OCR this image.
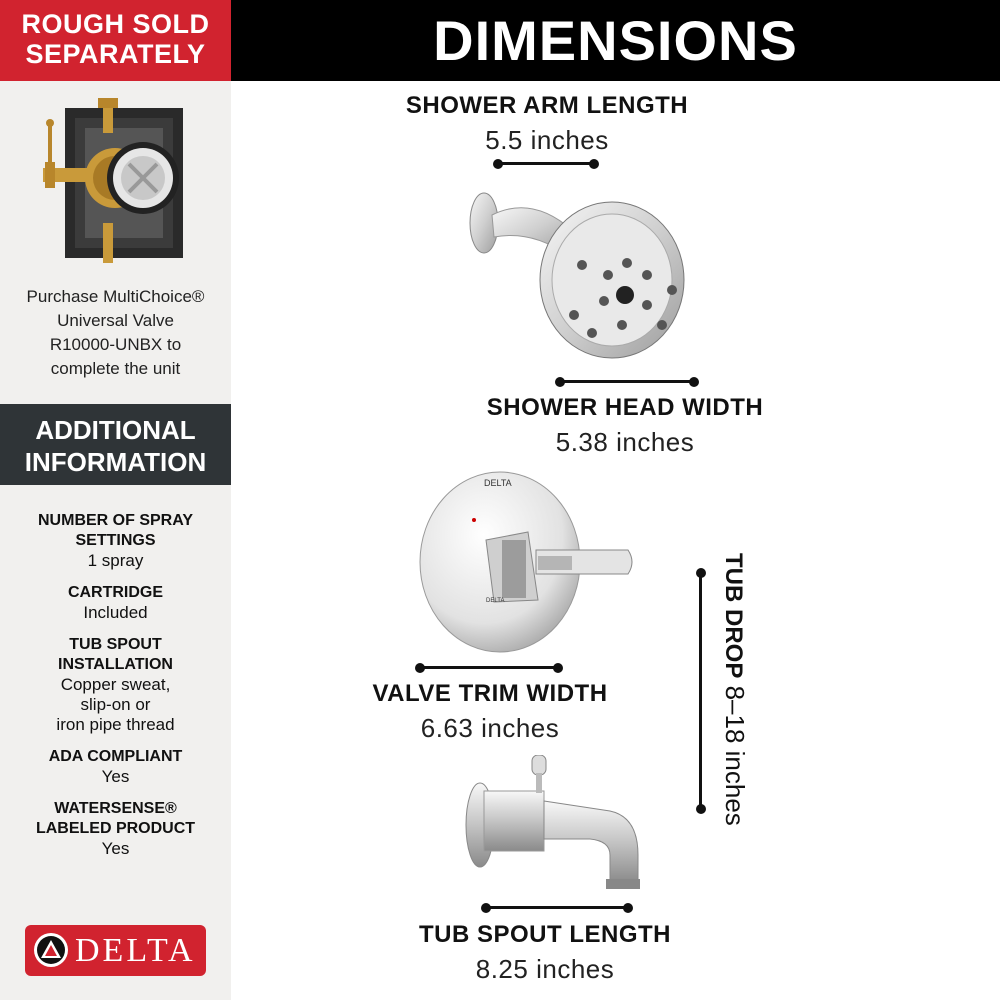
ROUGH SOLD
SEPARATELY	DIMENSIONS
Purchase MultiChoice®
Universal Valve
R10000-UNBX to
complete the unit
ADDITIONAL
INFORMATION
NUMBER OF SPRAY
SETTINGS
1 spray
CARTRIDGE
Included
TUB SPOUT
INSTALLATION
Copper sweat,
slip-on or
iron pipe thread
ADA COMPLIANT
Yes
WATERSENSE®
LABELED PRODUCT
Yes
DELTA
SHOWER ARM LENGTH
5.5 inches
SHOWER HEAD WIDTH
5.38 inches
DELTA
DELTA
VALVE TRIM WIDTH
6.63 inches
TUB DROP 8–18 inches
TUB SPOUT LENGTH
8.25 inches
